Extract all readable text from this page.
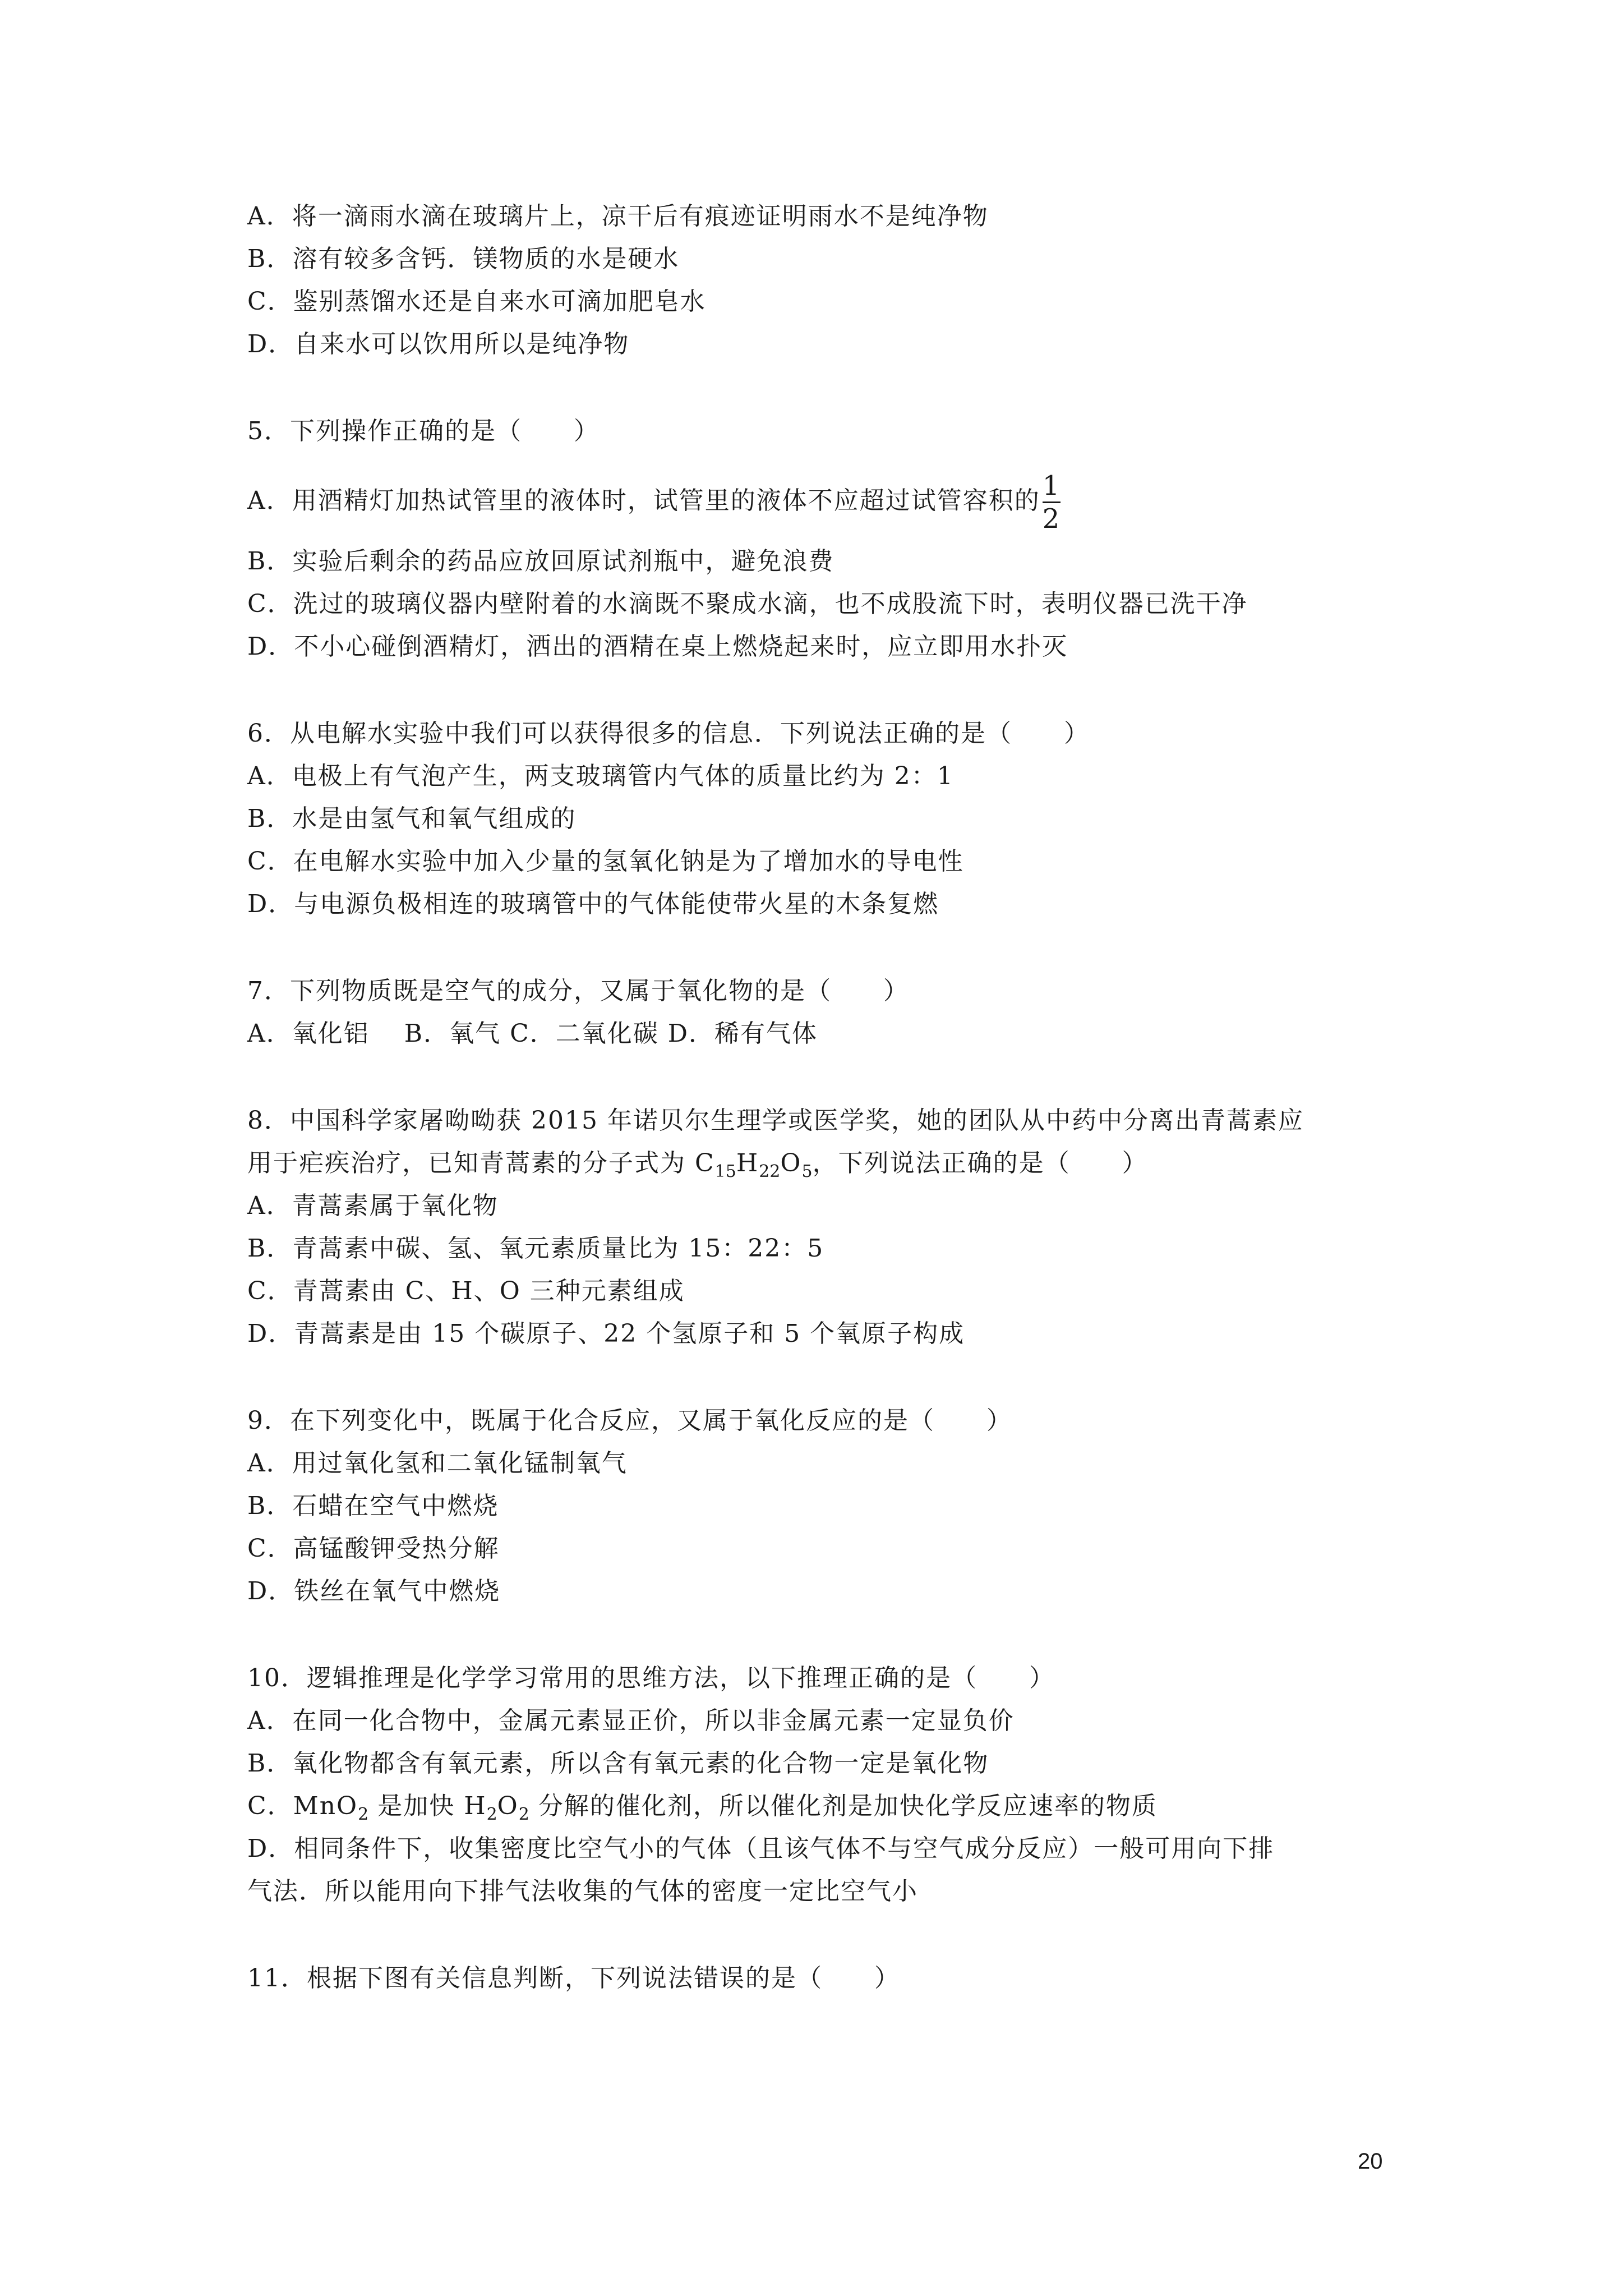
A．将一滴雨水滴在玻璃片上，凉干后有痕迹证明雨水不是纯净物
B．溶有较多含钙．镁物质的水是硬水
C．鉴别蒸馏水还是自来水可滴加肥皂水
D．自来水可以饮用所以是纯净物
5．下列操作正确的是（　　）
A．用酒精灯加热试管里的液体时，试管里的液体不应超过试管容积的 $\frac{1}{2}$
B．实验后剩余的药品应放回原试剂瓶中，避免浪费
C．洗过的玻璃仪器内壁附着的水滴既不聚成水滴，也不成股流下时，表明仪器已洗干净
D．不小心碰倒酒精灯，洒出的酒精在桌上燃烧起来时，应立即用水扑灭
6．从电解水实验中我们可以获得很多的信息．下列说法正确的是（　　）
A．电极上有气泡产生，两支玻璃管内气体的质量比约为 2：1
B．水是由氢气和氧气组成的
C．在电解水实验中加入少量的氢氧化钠是为了增加水的导电性
D．与电源负极相连的玻璃管中的气体能使带火星的木条复燃
7．下列物质既是空气的成分，又属于氧化物的是（　　）
A．氧化铝　 B．氧气 C．二氧化碳 D．稀有气体
8．中国科学家屠呦呦获 2015 年诺贝尔生理学或医学奖，她的团队从中药中分离出青蒿素应
用于疟疾治疗，已知青蒿素的分子式为 $C_{15}H_{22}O_5$，下列说法正确的是（　　）
A．青蒿素属于氧化物
B．青蒿素中碳、氢、氧元素质量比为 15：22：5
C．青蒿素由 C、H、O 三种元素组成
D．青蒿素是由 15 个碳原子、22 个氢原子和 5 个氧原子构成
9．在下列变化中，既属于化合反应，又属于氧化反应的是（　　）
A．用过氧化氢和二氧化锰制氧气
B．石蜡在空气中燃烧
C．高锰酸钾受热分解
D．铁丝在氧气中燃烧
10．逻辑推理是化学学习常用的思维方法，以下推理正确的是（　　）
A．在同一化合物中，金属元素显正价，所以非金属元素一定显负价
B．氧化物都含有氧元素，所以含有氧元素的化合物一定是氧化物
C．MnO$_2$ 是加快 $H_2O_2$ 分解的催化剂，所以催化剂是加快化学反应速率的物质
D．相同条件下，收集密度比空气小的气体（且该气体不与空气成分反应）一般可用向下排
气法．所以能用向下排气法收集的气体的密度一定比空气小
11．根据下图有关信息判断，下列说法错误的是（　　）
20
